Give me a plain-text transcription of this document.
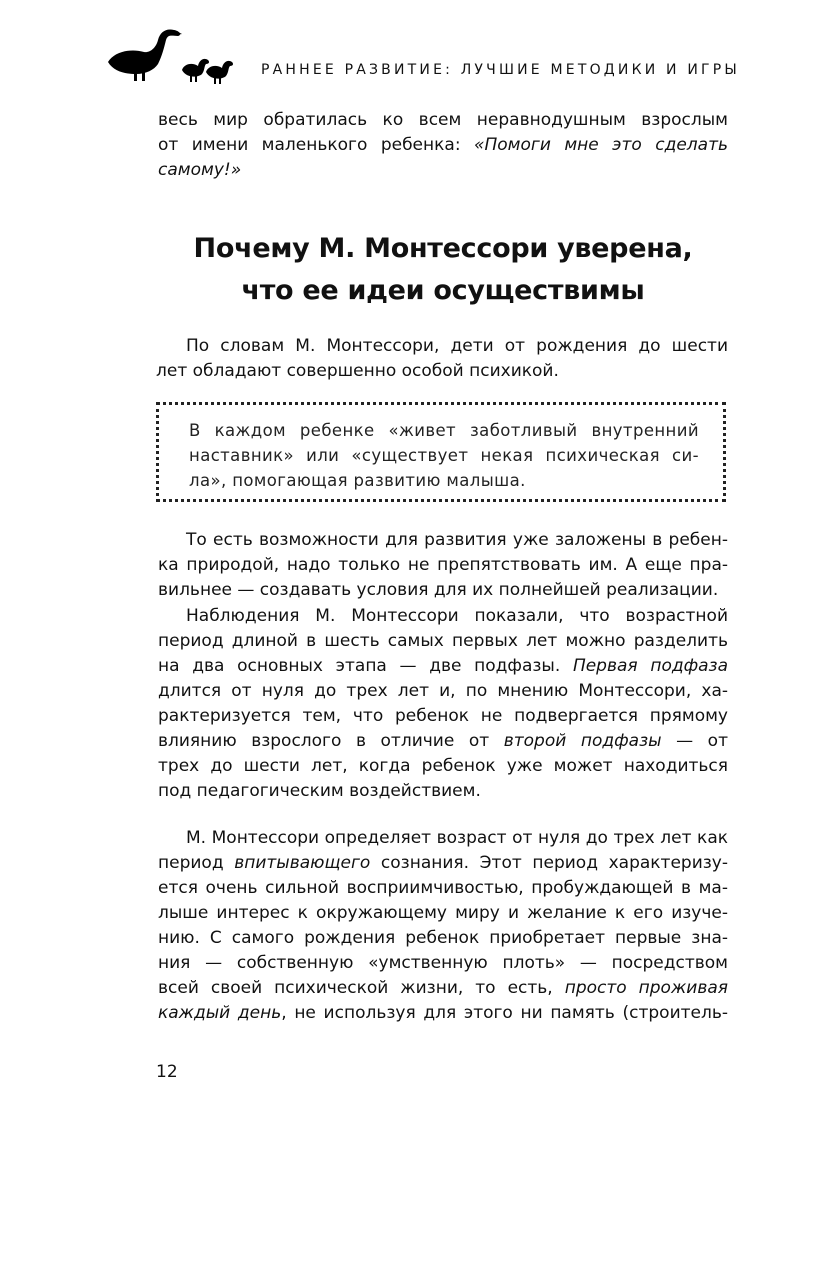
РАННЕЕ РАЗВИТИЕ: ЛУЧШИЕ МЕТОДИКИ И ИГРЫ
весь мир обратилась ко всем неравнодушным взрослым
от имени маленького ребенка: «Помоги мне это сделать
самому!»
Почему М. Монтессори уверена,
что ее идеи осуществимы
По словам М. Монтессори, дети от рождения до шести
лет обладают совершенно особой психикой.
В каждом ребенке «живет заботливый внутренний
наставник» или «существует некая психическая си-
ла», помогающая развитию малыша.
То есть возможности для развития уже заложены в ребен-
ка природой, надо только не препятствовать им. А еще пра-
вильнее — создавать условия для их полнейшей реализации.
Наблюдения М. Монтессори показали, что возрастной
период длиной в шесть самых первых лет можно разделить
на два основных этапа — две подфазы. Первая подфаза
длится от нуля до трех лет и, по мнению Монтессори, ха-
рактеризуется тем, что ребенок не подвергается прямому
влиянию взрослого в отличие от второй подфазы — от
трех до шести лет, когда ребенок уже может находиться
под педагогическим воздействием.
М. Монтессори определяет возраст от нуля до трех лет как
период впитывающего сознания. Этот период характеризу-
ется очень сильной восприимчивостью, пробуждающей в ма-
лыше интерес к окружающему миру и желание к его изуче-
нию. С самого рождения ребенок приобретает первые зна-
ния — собственную «умственную плоть» — посредством
всей своей психической жизни, то есть, просто проживая
каждый день, не используя для этого ни память (строитель-
12
